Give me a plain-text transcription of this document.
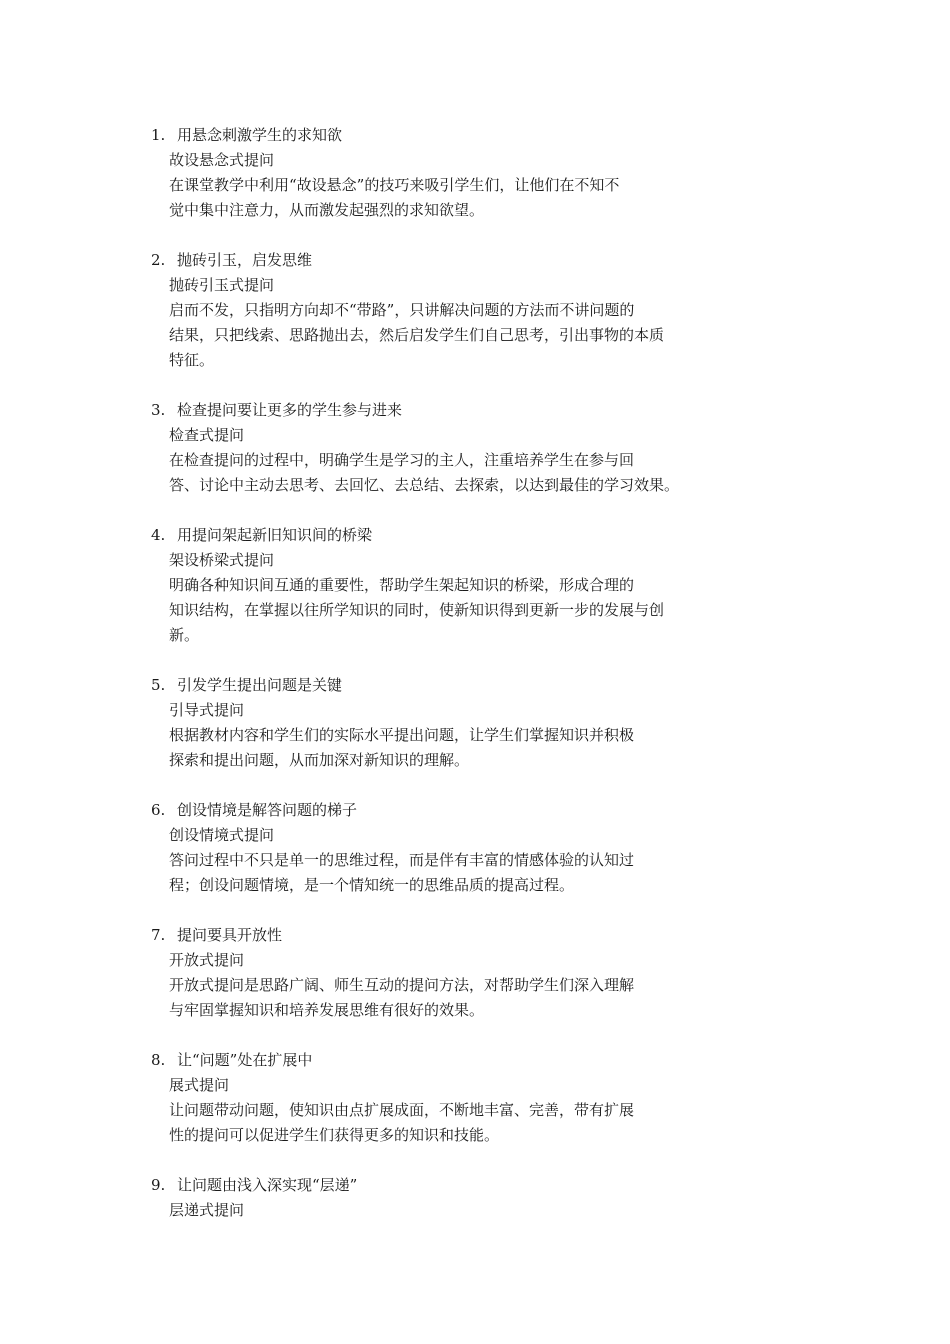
1. 用悬念刺激学生的求知欲
故设悬念式提问
在课堂教学中利用“故设悬念”的技巧来吸引学生们，让他们在不知不
觉中集中注意力，从而激发起强烈的求知欲望。
2. 抛砖引玉，启发思维
抛砖引玉式提问
启而不发，只指明方向却不“带路”，只讲解决问题的方法而不讲问题的
结果，只把线索、思路抛出去，然后启发学生们自己思考，引出事物的本质
特征。
3. 检查提问要让更多的学生参与进来
检查式提问
在检查提问的过程中，明确学生是学习的主人，注重培养学生在参与回
答、讨论中主动去思考、去回忆、去总结、去探索，以达到最佳的学习效果。
4. 用提问架起新旧知识间的桥梁
架设桥梁式提问
明确各种知识间互通的重要性，帮助学生架起知识的桥梁，形成合理的
知识结构，在掌握以往所学知识的同时，使新知识得到更新一步的发展与创
新。
5. 引发学生提出问题是关键
引导式提问
根据教材内容和学生们的实际水平提出问题，让学生们掌握知识并积极
探索和提出问题，从而加深对新知识的理解。
6. 创设情境是解答问题的梯子
创设情境式提问
答问过程中不只是单一的思维过程，而是伴有丰富的情感体验的认知过
程；创设问题情境，是一个情知统一的思维品质的提高过程。
7. 提问要具开放性
开放式提问
开放式提问是思路广阔、师生互动的提问方法，对帮助学生们深入理解
与牢固掌握知识和培养发展思维有很好的效果。
8. 让“问题”处在扩展中
展式提问
让问题带动问题，使知识由点扩展成面，不断地丰富、完善，带有扩展
性的提问可以促进学生们获得更多的知识和技能。
9. 让问题由浅入深实现“层递”
层递式提问
